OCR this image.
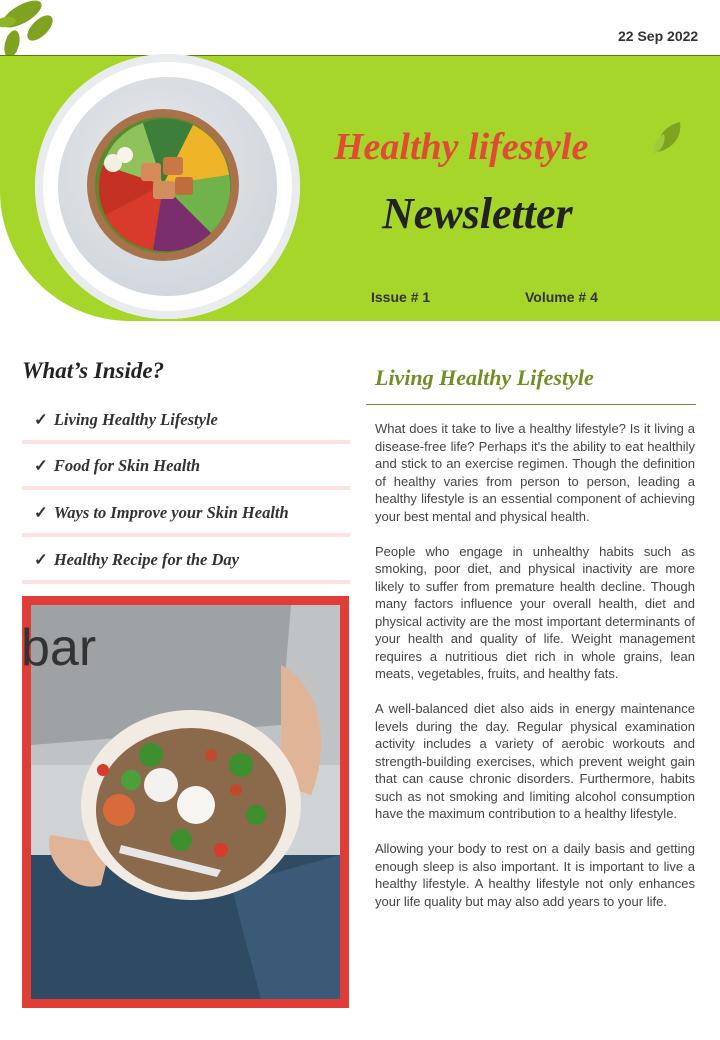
22 Sep 2022
Healthy lifestyle
Newsletter
Issue # 1	Volume # 4
What’s Inside?
✓ Living Healthy Lifestyle
✓ Food for Skin Health
✓ Ways to Improve your Skin Health
✓ Healthy Recipe for the Day
bar
Living Healthy Lifestyle

What does it take to live a healthy lifestyle? Is it living a disease-free life? Perhaps it's the ability to eat healthily and stick to an exercise regimen. Though the definition of healthy varies from person to person, leading a healthy lifestyle is an essential component of achieving your best mental and physical health.

People who engage in unhealthy habits such as smoking, poor diet, and physical inactivity are more likely to suffer from premature health decline. Though many factors influence your overall health, diet and physical activity are the most important determinants of your health and quality of life. Weight management requires a nutritious diet rich in whole grains, lean meats, vegetables, fruits, and healthy fats.

A well-balanced diet also aids in energy maintenance levels during the day. Regular physical examination activity includes a variety of aerobic workouts and strength-building exercises, which prevent weight gain that can cause chronic disorders. Furthermore, habits such as not smoking and limiting alcohol consumption have the maximum contribution to a healthy lifestyle.

Allowing your body to rest on a daily basis and getting enough sleep is also important. It is important to live a healthy lifestyle. A healthy lifestyle not only enhances your life quality but may also add years to your life.
